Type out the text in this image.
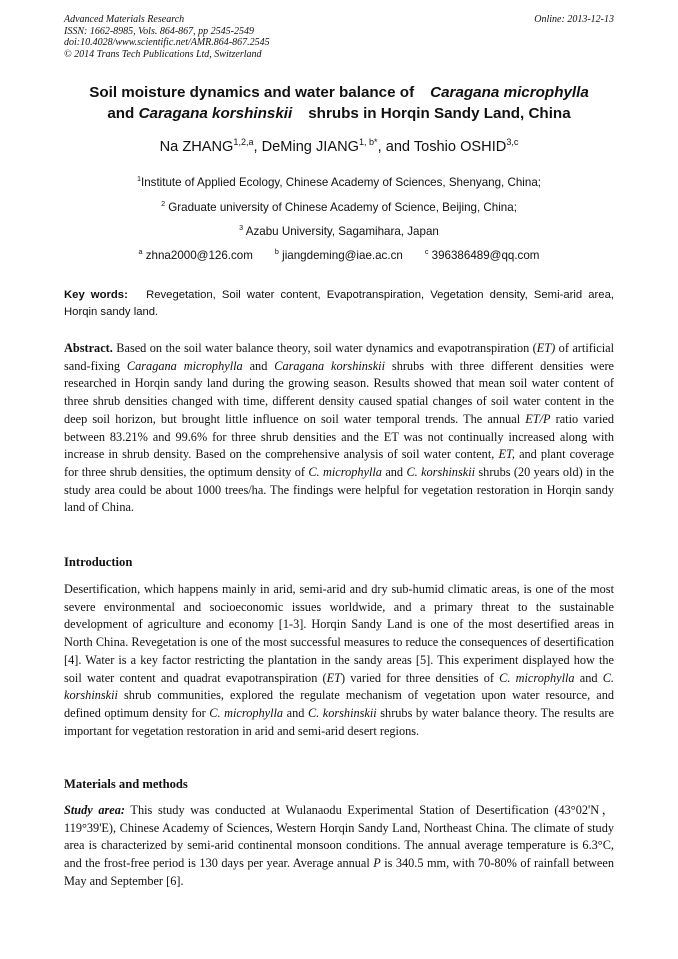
Advanced Materials Research
ISSN: 1662-8985, Vols. 864-867, pp 2545-2549
doi:10.4028/www.scientific.net/AMR.864-867.2545
© 2014 Trans Tech Publications Ltd, Switzerland
Online: 2013-12-13
Soil moisture dynamics and water balance of Caragana microphylla
and Caragana korshinskii shrubs in Horqin Sandy Land, China
Na ZHANG$^{1,2,a}$, DeMing $JIANG^{1, b*}$, and Toshio OSHID$^{3,c}$
$^1$Institute of Applied Ecology, Chinese Academy of Sciences, Shenyang, China;
$^2$ Graduate university of Chinese Academy of Science, Beijing, China;
$^3$ Azabu University, Sagamihara, Japan
$^a$ zhna2000@126.com	$^b$ jiangdeming@iae.ac.cn	$^c$ 396386489@qq.com
Key words: Revegetation, Soil water content, Evapotranspiration, Vegetation density, Semi-arid area, Horqin sandy land.
Abstract. Based on the soil water balance theory, soil water dynamics and evapotranspiration (ET) of artificial sand-fixing Caragana microphylla and Caragana korshinskii shrubs with three different densities were researched in Horqin sandy land during the growing season. Results showed that mean soil water content of three shrub densities changed with time, different density caused spatial changes of soil water content in the deep soil horizon, but brought little influence on soil water temporal trends. The annual ET/P ratio varied between 83.21% and 99.6% for three shrub densities and the ET was not continually increased along with increase in shrub density. Based on the comprehensive analysis of soil water content, ET, and plant coverage for three shrub densities, the optimum density of C. microphylla and C. korshinskii shrubs (20 years old) in the study area could be about 1000 trees/ha. The findings were helpful for vegetation restoration in Horqin sandy land of China.
Introduction
Desertification, which happens mainly in arid, semi-arid and dry sub-humid climatic areas, is one of the most severe environmental and socioeconomic issues worldwide, and a primary threat to the sustainable development of agriculture and economy [1-3]. Horqin Sandy Land is one of the most desertified areas in North China. Revegetation is one of the most successful measures to reduce the consequences of desertification [4]. Water is a key factor restricting the plantation in the sandy areas [5]. This experiment displayed how the soil water content and quadrat evapotranspiration (ET) varied for three densities of C. microphylla and C. korshinskii shrub communities, explored the regulate mechanism of vegetation upon water resource, and defined optimum density for C. microphylla and C. korshinskii shrubs by water balance theory. The results are important for vegetation restoration in arid and semi-arid desert regions.
Materials and methods
Study area: This study was conducted at Wulanaodu Experimental Station of Desertification (43°02'N，119°39'E), Chinese Academy of Sciences, Western Horqin Sandy Land, Northeast China. The climate of study area is characterized by semi-arid continental monsoon conditions. The annual average temperature is 6.3°C, and the frost-free period is 130 days per year. Average annual P is 340.5 mm, with 70-80% of rainfall between May and September [6].
